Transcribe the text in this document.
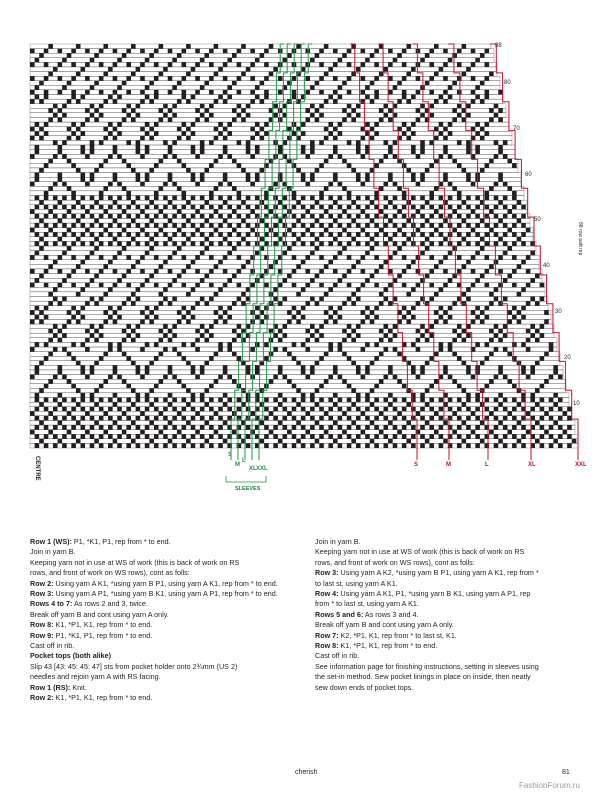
88
80
70
60
50
40
30
20
10
88 row patt rep
CENTRE
S
M
L
XL XXL
SLEEVES
S	M	L	XL	XXL

Row 1 (WS): P1, *K1, P1, rep from * to end.

Join in yarn B.

Keeping yarn not in use at WS of work (this is back of work on RS

rows, and front of work on WS rows), cont as folls:

Row 2: Using yarn A K1, *using yarn B P1, using yarn A K1, rep from * to end.

Row 3: Using yarn A P1, *using yarn B K1, using yarn A P1, rep from * to end.

Rows 4 to 7: As rows 2 and 3, twice.

Break off yarn B and cont using yarn A only.

Row 8: K1, *P1, K1, rep from * to end.

Row 9: P1, *K1, P1, rep from * to end.

Cast off in rib.

Pocket tops (both alike)

Slip 43 [43: 45: 45: 47] sts from pocket holder onto 2¾mm (US 2)

needles and rejoin yarn A with RS facing.

Row 1 (RS): Knit.

Row 2: K1, *P1, K1, rep from * to end.

Join in yarn B.

Keeping yarn not in use at WS of work (this is back of work on RS

rows, and front of work on WS rows), cont as folls:

Row 3: Using yarn A K2, *using yarn B P1, using yarn A K1, rep from *

to last st, using yarn A K1.

Row 4: Using yarn A K1, P1, *using yarn B K1, using yarn A P1, rep

from * to last st, using yarn A K1.

Rows 5 and 6: As rows 3 and 4.

Break off yarn B and cont using yarn A only.

Row 7: K2, *P1, K1, rep from * to last st, K1.

Row 8: K1, *P1, K1, rep from * to end.

Cast off in rib.

See information page for finishing instructions, setting in sleeves using

the set-in method. Sew pocket linings in place on inside, then neatly

sew down ends of pocket tops.

cherish	81
FashionForum.ru
